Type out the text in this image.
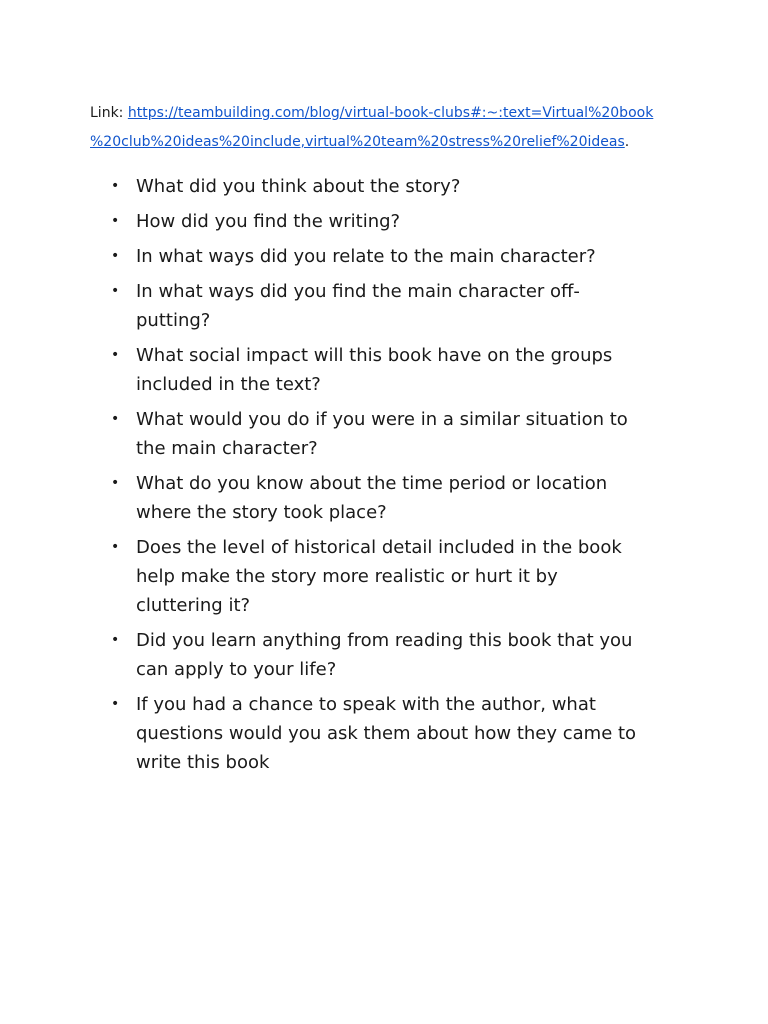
Link: https://teambuilding.com/blog/virtual-book-clubs#:~:text=Virtual%20book
%20club%20ideas%20include,virtual%20team%20stress%20relief%20ideas.
• What did you think about the story?
• How did you find the writing?
• In what ways did you relate to the main character?
• In what ways did you find the main character off-
putting?
• What social impact will this book have on the groups
included in the text?
• What would you do if you were in a similar situation to
the main character?
• What do you know about the time period or location
where the story took place?
• Does the level of historical detail included in the book
help make the story more realistic or hurt it by
cluttering it?
• Did you learn anything from reading this book that you
can apply to your life?
• If you had a chance to speak with the author, what
questions would you ask them about how they came to
write this book
